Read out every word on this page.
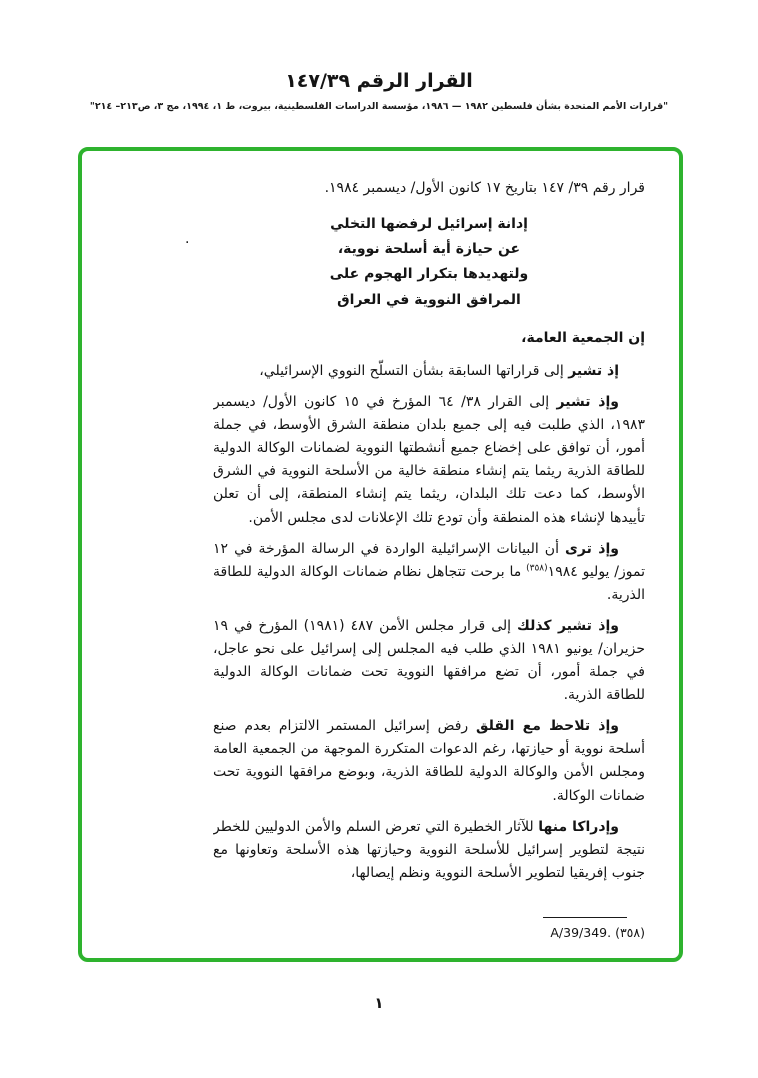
القرار الرقم ١٤٧/٣٩
"قرارات الأمم المتحدة بشأن فلسطين ١٩٨٢ — ١٩٨٦، مؤسسة الدراسات الفلسطينية، بيروت، ط ١، ١٩٩٤، مج ٣، ص٢١٣– ٢١٤"
.

قرار رقم ٣٩/ ١٤٧ بتاريخ ١٧ كانون الأول/ ديسمبر ١٩٨٤.

إدانة إسرائيل لرفضها التخلي
عن حيازة أية أسلحة نووية،
ولتهديدها بتكرار الهجوم على
المرافق النووية في العراق

إن الجمعية العامة،

إذ تشير إلى قراراتها السابقة بشأن التسلّح النووي الإسرائيلي،

وإذ تشير إلى القرار ٣٨/ ٦٤ المؤرخ في ١٥ كانون الأول/ ديسمبر ١٩٨٣، الذي طلبت فيه إلى جميع بلدان منطقة الشرق الأوسط، في جملة أمور، أن توافق على إخضاع جميع أنشطتها النووية لضمانات الوكالة الدولية للطاقة الذرية ريثما يتم إنشاء منطقة خالية من الأسلحة النووية في الشرق الأوسط، كما دعت تلك البلدان، ريثما يتم إنشاء المنطقة، إلى أن تعلن تأييدها لإنشاء هذه المنطقة وأن تودع تلك الإعلانات لدى مجلس الأمن.

وإذ ترى أن البيانات الإسرائيلية الواردة في الرسالة المؤرخة في ١٢ تموز/ يوليو ١٩٨٤$^{(٣٥٨)}$ ما برحت تتجاهل نظام ضمانات الوكالة الدولية للطاقة الذرية.

وإذ تشير كذلك إلى قرار مجلس الأمن ٤٨٧ (١٩٨١) المؤرخ في ١٩ حزيران/ يونيو ١٩٨١ الذي طلب فيه المجلس إلى إسرائيل على نحو عاجل، في جملة أمور، أن تضع مرافقها النووية تحت ضمانات الوكالة الدولية للطاقة الذرية.

وإذ تلاحظ مع القلق رفض إسرائيل المستمر الالتزام بعدم صنع أسلحة نووية أو حيازتها، رغم الدعوات المتكررة الموجهة من الجمعية العامة ومجلس الأمن والوكالة الدولية للطاقة الذرية، وبوضع مرافقها النووية تحت ضمانات الوكالة.

وإدراكا منها للآثار الخطيرة التي تعرض السلم والأمن الدوليين للخطر نتيجة لتطوير إسرائيل للأسلحة النووية وحيازتها هذه الأسلحة وتعاونها مع جنوب إفريقيا لتطوير الأسلحة النووية ونظم إيصالها،

(٣٥٨) A/39/349.
١
